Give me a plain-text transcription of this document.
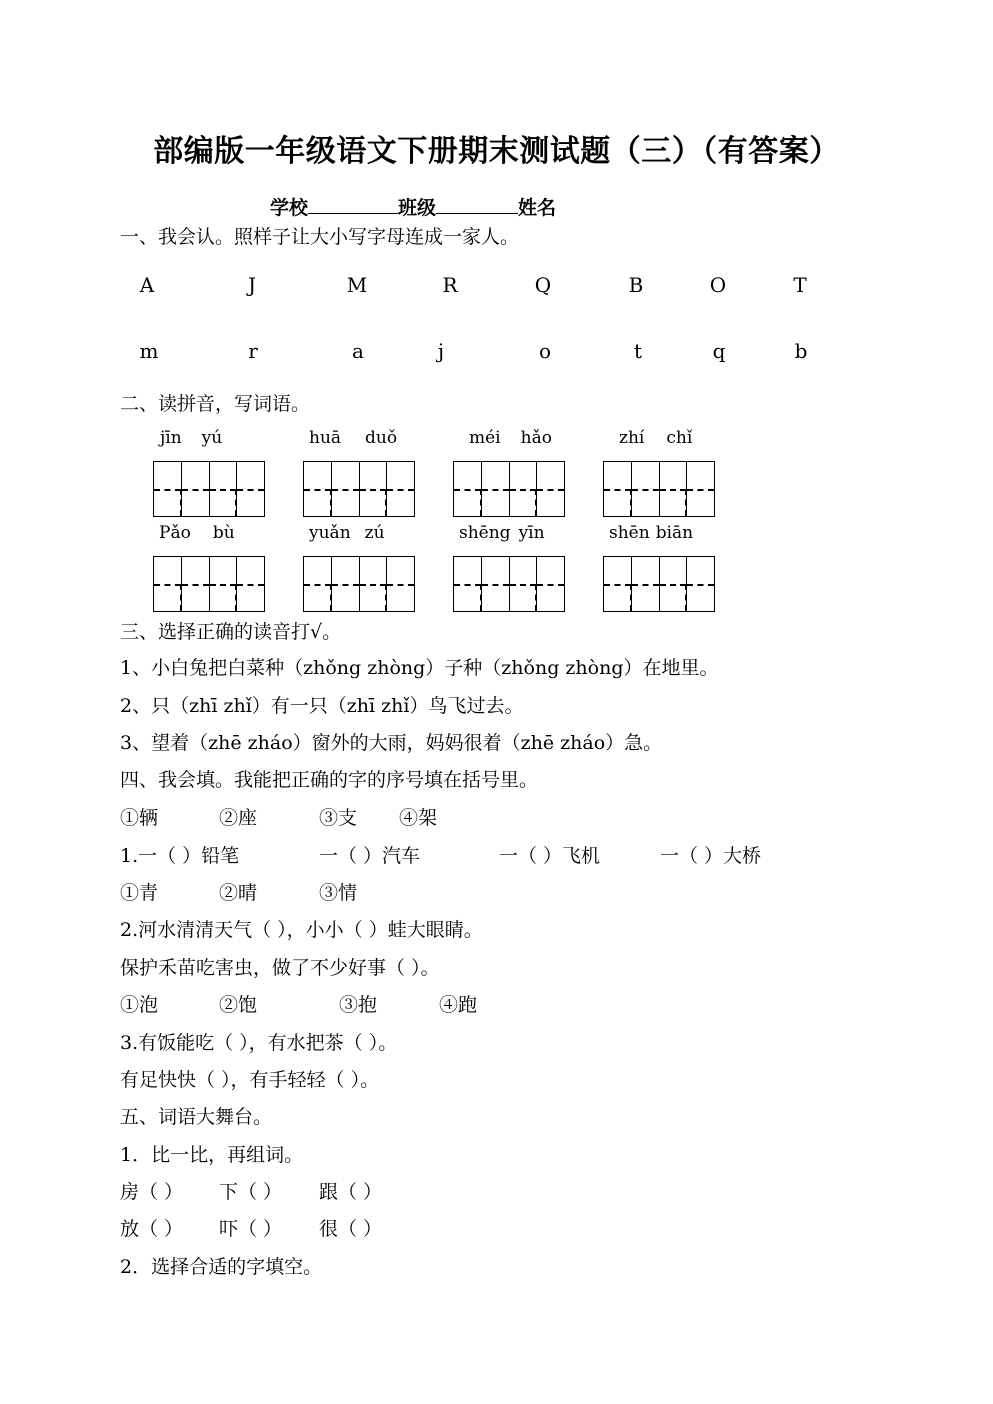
部编版一年级语文下册期末测试题（三）（有答案）
学校	班级	姓名
一、我会认。照样子让大小写字母连成一家人。
A	J	M	R	Q	B	O	T
m	r	a	j	o	t	q	b
二、读拼音，写词语。
jīn yú	huā duǒ	méi hǎo	zhí chǐ
Pǎo bù	yuǎn zú	shēng yīn	shēn biān
三、选择正确的读音打√。
1、小白兔把白菜种（zhǒng zhòng）子种（zhǒng zhòng）在地里。
2、只（zhī zhǐ）有一只（zhī zhǐ）鸟飞过去。
3、望着（zhē zháo）窗外的大雨，妈妈很着（zhē zháo）急。
四、我会填。我能把正确的字的序号填在括号里。
①辆	②座	③支 ④架
1.一（ ）铅笔	一（ ）汽车	一（ ）飞机	一（ ）大桥
①青	②晴	③情
2.河水清清天气（ ），小小（ ）蛙大眼睛。
保护禾苗吃害虫，做了不少好事（ ）。
①泡	②饱	③抱	④跑
3.有饭能吃（ ），有水把茶（ ）。
有足快快（ ），有手轻轻（ ）。
五、词语大舞台。
1．比一比，再组词。
房（ ） 下（ ） 跟（ ）
放（ ） 吓（ ） 很（ ）
2．选择合适的字填空。
